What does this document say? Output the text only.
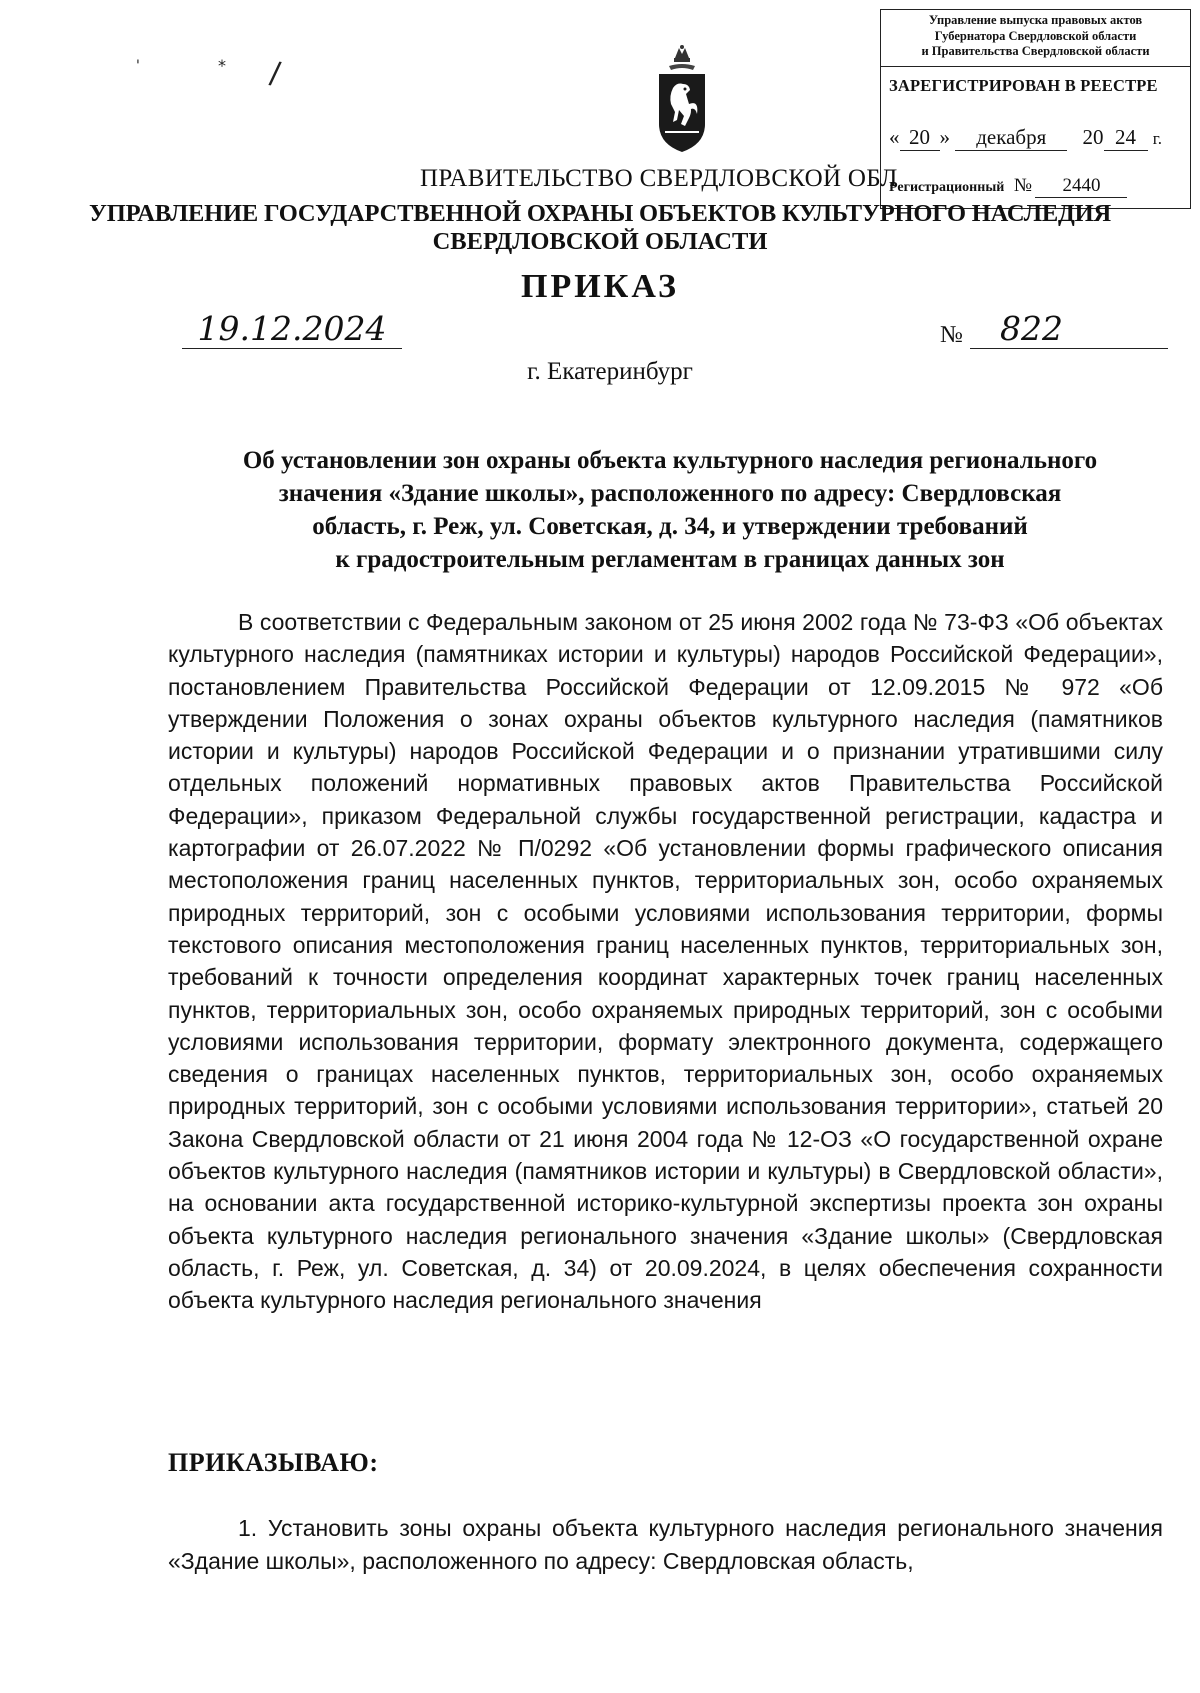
'	* /
Управление выпуска правовых актов
Губернатора Свердловской области
и Правительства Свердловской области
ЗАРЕГИСТРИРОВАН В РЕЕСТРЕ
« 20 » декабря 20 24 г.
Регистрационный № 2440
ПРАВИТЕЛЬСТВО СВЕРДЛОВСКОЙ ОБЛ
УПРАВЛЕНИЕ ГОСУДАРСТВЕННОЙ ОХРАНЫ ОБЪЕКТОВ КУЛЬТУРНОГО НАСЛЕДИЯ
СВЕРДЛОВСКОЙ ОБЛАСТИ
ПРИКАЗ
19.12.2024	№	822
г. Екатеринбург
Об установлении зон охраны объекта культурного наследия регионального
значения «Здание школы», расположенного по адресу: Свердловская
область, г. Реж, ул. Советская, д. 34, и утверждении требований
к градостроительным регламентам в границах данных зон

В соответствии с Федеральным законом от 25 июня 2002 года № 73-ФЗ «Об объектах культурного наследия (памятниках истории и культуры) народов Российской Федерации», постановлением Правительства Российской Федерации от 12.09.2015 № 972 «Об утверждении Положения о зонах охраны объектов культурного наследия (памятников истории и культуры) народов Российской Федерации и о признании утратившими силу отдельных положений нормативных правовых актов Правительства Российской Федерации», приказом Федеральной службы государственной регистрации, кадастра и картографии от 26.07.2022 № П/0292 «Об установлении формы графического описания местоположения границ населенных пунктов, территориальных зон, особо охраняемых природных территорий, зон с особыми условиями использования территории, формы текстового описания местоположения границ населенных пунктов, территориальных зон, требований к точности определения координат характерных точек границ населенных пунктов, территориальных зон, особо охраняемых природных территорий, зон с особыми условиями использования территории, формату электронного документа, содержащего сведения о границах населенных пунктов, территориальных зон, особо охраняемых природных территорий, зон с особыми условиями использования территории», статьей 20 Закона Свердловской области от 21 июня 2004 года № 12-ОЗ «О государственной охране объектов культурного наследия (памятников истории и культуры) в Свердловской области», на основании акта государственной историко-культурной экспертизы проекта зон охраны объекта культурного наследия регионального значения «Здание школы» (Свердловская область, г. Реж, ул. Советская, д. 34) от 20.09.2024, в целях обеспечения сохранности объекта культурного наследия регионального значения

ПРИКАЗЫВАЮ:

1. Установить зоны охраны объекта культурного наследия регионального значения «Здание школы», расположенного по адресу: Свердловская область,
